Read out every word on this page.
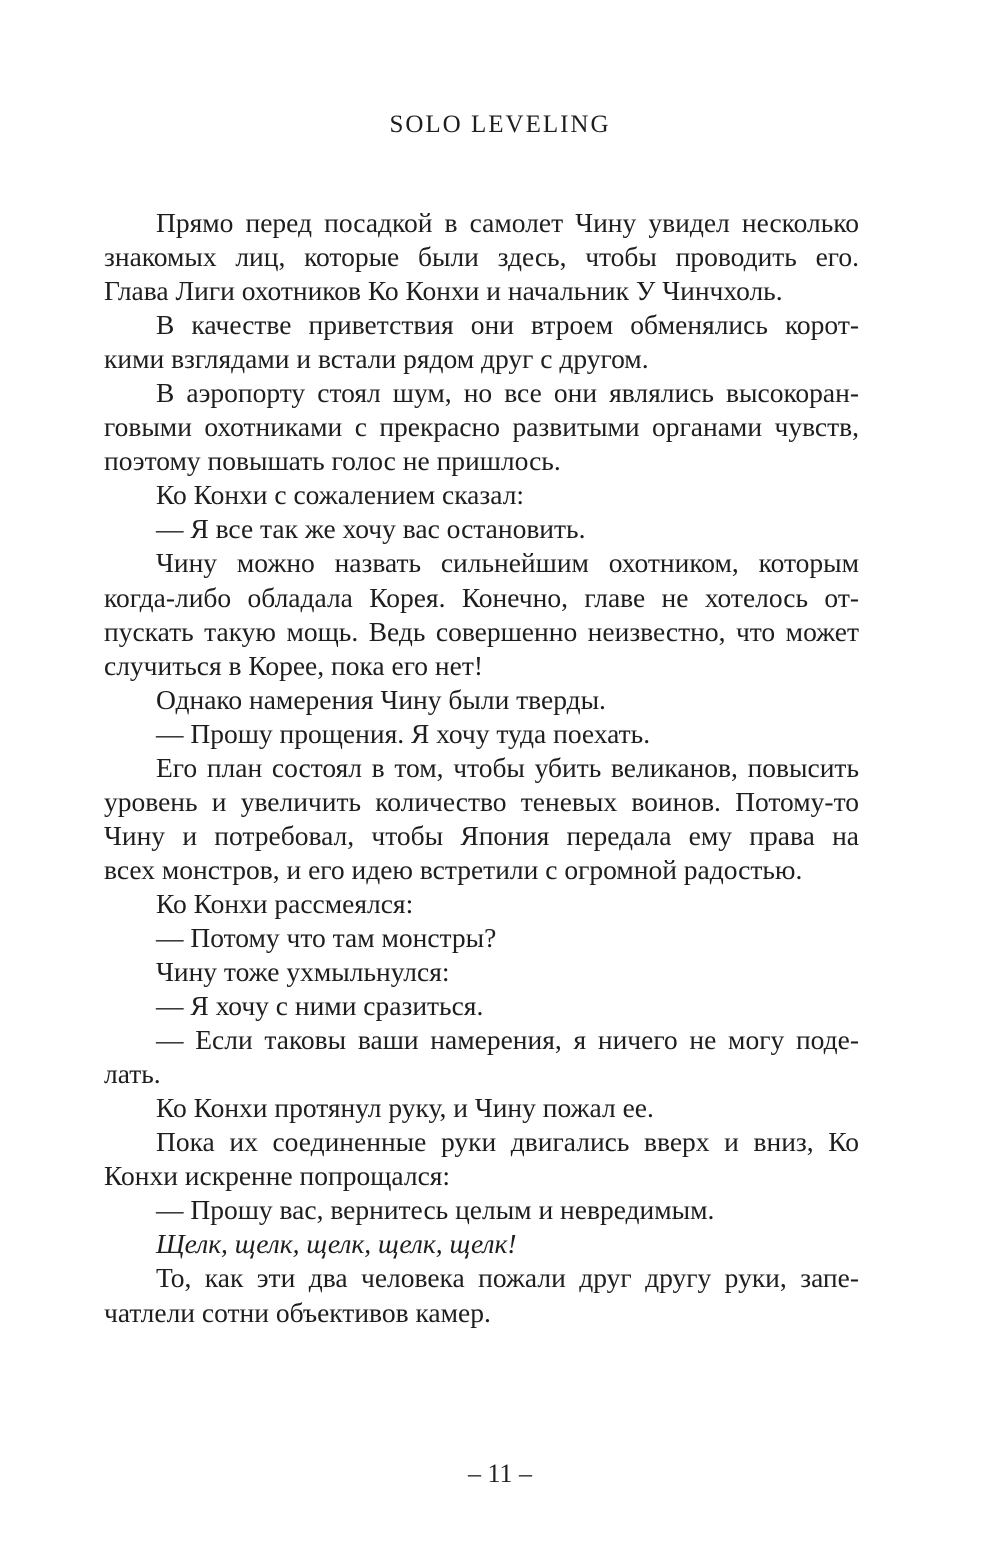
SOLO LEVELING
Прямо перед посадкой в самолет Чину увидел несколько
знакомых лиц, которые были здесь, чтобы проводить его.
Глава Лиги охотников Ко Конхи и начальник У Чинчхоль.
В качестве приветствия они втроем обменялись корот-
кими взглядами и встали рядом друг с другом.
В аэропорту стоял шум, но все они являлись высокоран-
говыми охотниками с прекрасно развитыми органами чувств,
поэтому повышать голос не пришлось.
Ко Конхи с сожалением сказал:
— Я все так же хочу вас остановить.
Чину можно назвать сильнейшим охотником, которым
когда-либо обладала Корея. Конечно, главе не хотелось от-
пускать такую мощь. Ведь совершенно неизвестно, что может
случиться в Корее, пока его нет!
Однако намерения Чину были тверды.
— Прошу прощения. Я хочу туда поехать.
Его план состоял в том, чтобы убить великанов, повысить
уровень и увеличить количество теневых воинов. Потому-то
Чину и потребовал, чтобы Япония передала ему права на
всех монстров, и его идею встретили с огромной радостью.
Ко Конхи рассмеялся:
— Потому что там монстры?
Чину тоже ухмыльнулся:
— Я хочу с ними сразиться.
— Если таковы ваши намерения, я ничего не могу поде-
лать.
Ко Конхи протянул руку, и Чину пожал ее.
Пока их соединенные руки двигались вверх и вниз, Ко
Конхи искренне попрощался:
— Прошу вас, вернитесь целым и невредимым.
Щелк, щелк, щелк, щелк, щелк!
То, как эти два человека пожали друг другу руки, запе-
чатлели сотни объективов камер.
– 11 –
